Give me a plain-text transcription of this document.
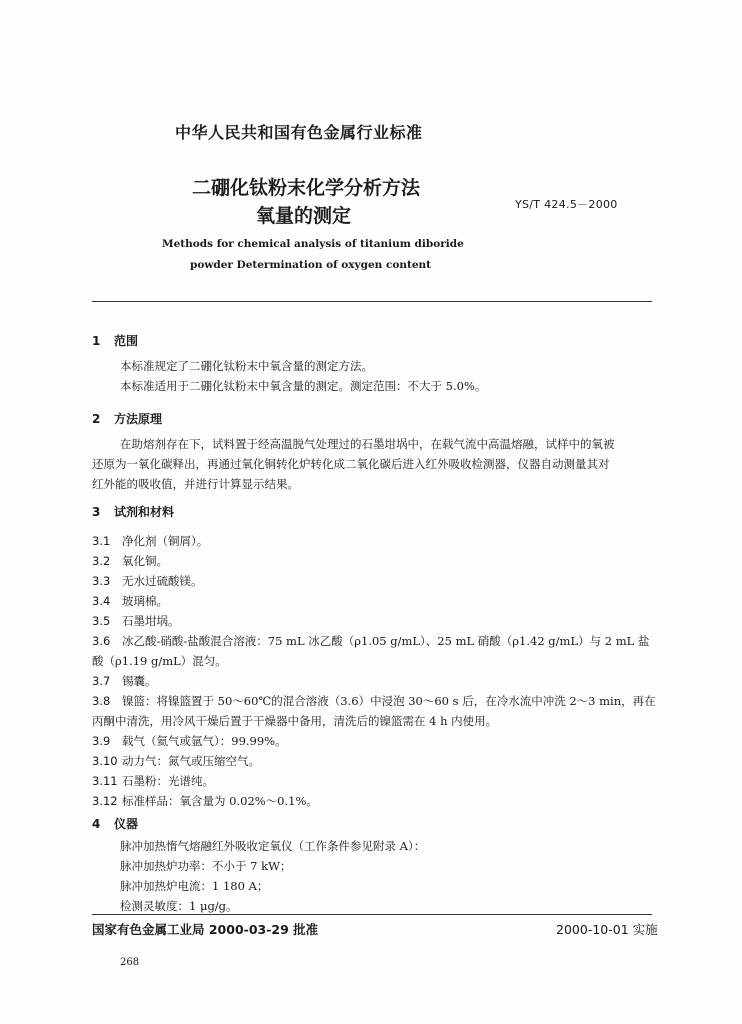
中华人民共和国有色金属行业标准
二硼化钛粉末化学分析方法
氧量的测定
YS/T 424.5－2000
Methods for chemical analysis of titanium diboride
powder Determination of oxygen content
1 范围
本标准规定了二硼化钛粉末中氧含量的测定方法。
本标准适用于二硼化钛粉末中氧含量的测定。测定范围：不大于 5.0%。
2 方法原理
在助熔剂存在下，试料置于经高温脱气处理过的石墨坩埚中，在载气流中高温熔融，试样中的氧被
还原为一氧化碳释出，再通过氧化铜转化炉转化成二氧化碳后进入红外吸收检测器，仪器自动测量其对
红外能的吸收值，并进行计算显示结果。
3 试剂和材料
3.1 净化剂（铜屑）。
3.2 氧化铜。
3.3 无水过硫酸镁。
3.4 玻璃棉。
3.5 石墨坩埚。
3.6 冰乙酸-硝酸-盐酸混合溶液：75 mL 冰乙酸（ρ1.05 g/mL）、25 mL 硝酸（ρ1.42 g/mL）与 2 mL 盐
酸（ρ1.19 g/mL）混匀。
3.7 锡囊。
3.8 镍篮：将镍篮置于 50～60℃的混合溶液（3.6）中浸泡 30～60 s 后，在冷水流中冲洗 2～3 min，再在
丙酮中清洗，用冷风干燥后置于干燥器中备用，清洗后的镍篮需在 4 h 内使用。
3.9 载气（氦气或氩气）：99.99%。
3.10 动力气：氮气或压缩空气。
3.11 石墨粉：光谱纯。
3.12 标准样品：氧含量为 0.02%～0.1%。
4 仪器
脉冲加热惰气熔融红外吸收定氧仪（工作条件参见附录 A）：
脉冲加热炉功率：不小于 7 kW；
脉冲加热炉电流：1 180 A；
检测灵敏度：1 μg/g。
国家有色金属工业局 2000-03-29 批准	2000-10-01 实施
268
